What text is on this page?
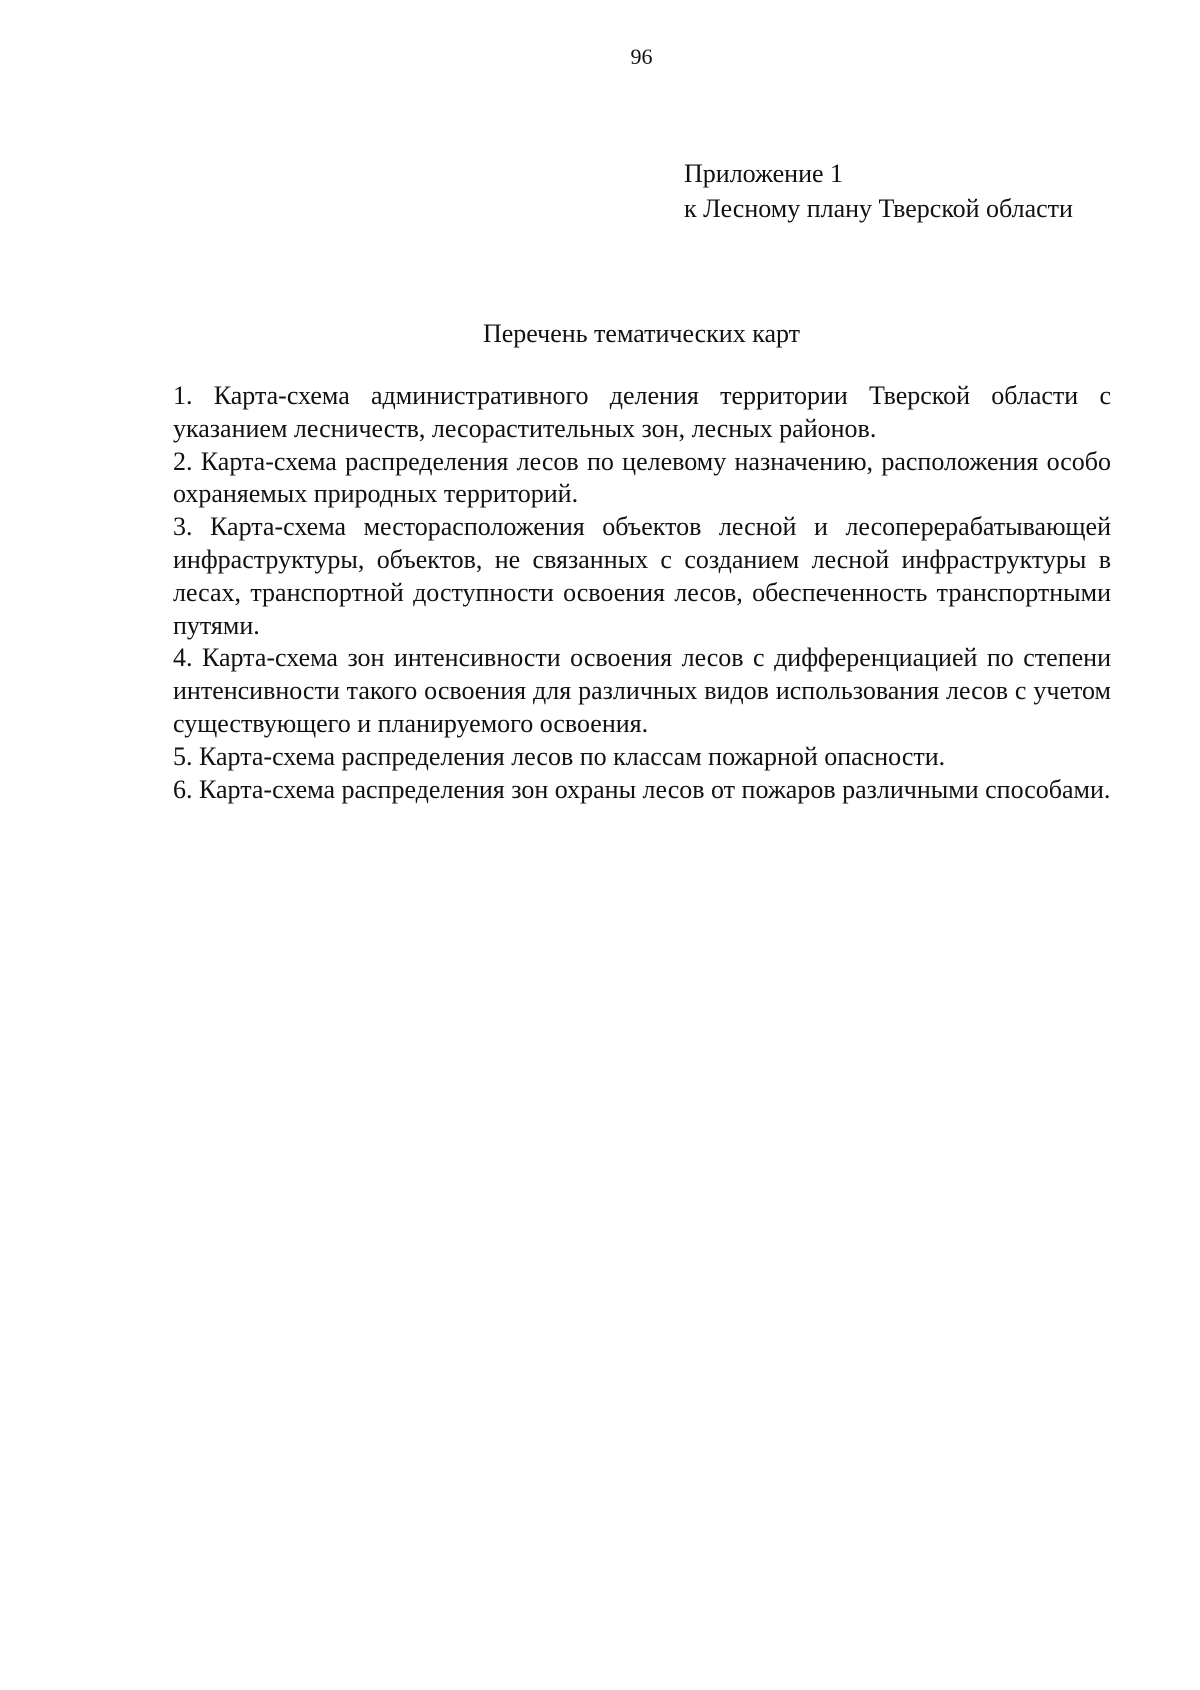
96
Приложение 1
к Лесному плану Тверской области
Перечень тематических карт

1. Карта-схема административного деления территории Тверской области с указанием лесничеств, лесорастительных зон, лесных районов.

2. Карта-схема распределения лесов по целевому назначению, расположения особо охраняемых природных территорий.

3. Карта-схема месторасположения объектов лесной и лесоперерабатывающей инфраструктуры, объектов, не связанных с созданием лесной инфраструктуры в лесах, транспортной доступности освоения лесов, обеспеченность транспортными путями.

4. Карта-схема зон интенсивности освоения лесов с дифференциацией по степени интенсивности такого освоения для различных видов использования лесов с учетом существующего и планируемого освоения.

5. Карта-схема распределения лесов по классам пожарной опасности.

6. Карта-схема распределения зон охраны лесов от пожаров различными способами.
